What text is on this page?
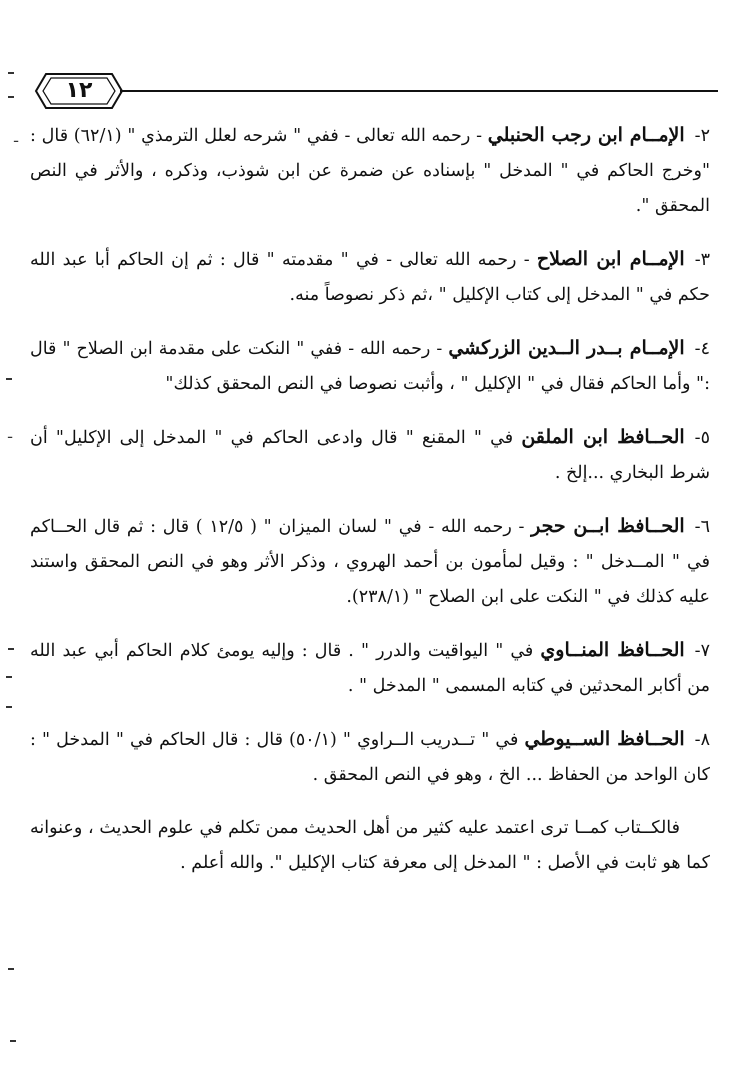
١٢
ـ
ـ

٢-الإمــام ابن رجب الحنبلي - رحمه الله تعالى - ففي " شرحه لعلل الترمذي " (٦٢/١) قال : "وخرج الحاكم في " المدخل " بإسناده عن ضمرة عن ابن شوذب، وذكره ، والأثر في النص المحقق ".

٣-الإمــام ابن الصلاح - رحمه الله تعالى - في " مقدمته " قال : ثم إن الحاكم أبا عبد الله حكم في " المدخل إلى كتاب الإكليل " ،ثم ذكر نصوصاً منه.

٤-الإمــام بــدر الــدين الزركشي - رحمه الله - ففي " النكت على مقدمة ابن الصلاح " قال :" وأما الحاكم فقال في " الإكليل " ، وأثبت نصوصا في النص المحقق كذلك"

٥-الحــافظ ابن الملقن في " المقنع " قال وادعى الحاكم في " المدخل إلى الإكليل" أن شرط البخاري ...إلخ .

٦-الحــافظ ابــن حجر - رحمه الله - في " لسان الميزان " ( ١٢/٥ ) قال : ثم قال الحــاكم في " المــدخل " : وقيل لمأمون بن أحمد الهروي ، وذكر الأثر وهو في النص المحقق واستند عليه كذلك في " النكت على ابن الصلاح " (٢٣٨/١).

٧-الحــافظ المنــاوي في " اليواقيت والدرر " . قال : وإليه يومئ كلام الحاكم أبي عبد الله من أكابر المحدثين في كتابه المسمى " المدخل " .

٨-الحــافظ الســيوطي في " تــدريب الــراوي " (٥٠/١) قال : قال الحاكم في " المدخل " : كان الواحد من الحفاظ ... الخ ، وهو في النص المحقق .

فالكــتاب كمــا ترى اعتمد عليه كثير من أهل الحديث ممن تكلم في علوم الحديث ، وعنوانه كما هو ثابت في الأصل : " المدخل إلى معرفة كتاب الإكليل ". والله أعلم .
